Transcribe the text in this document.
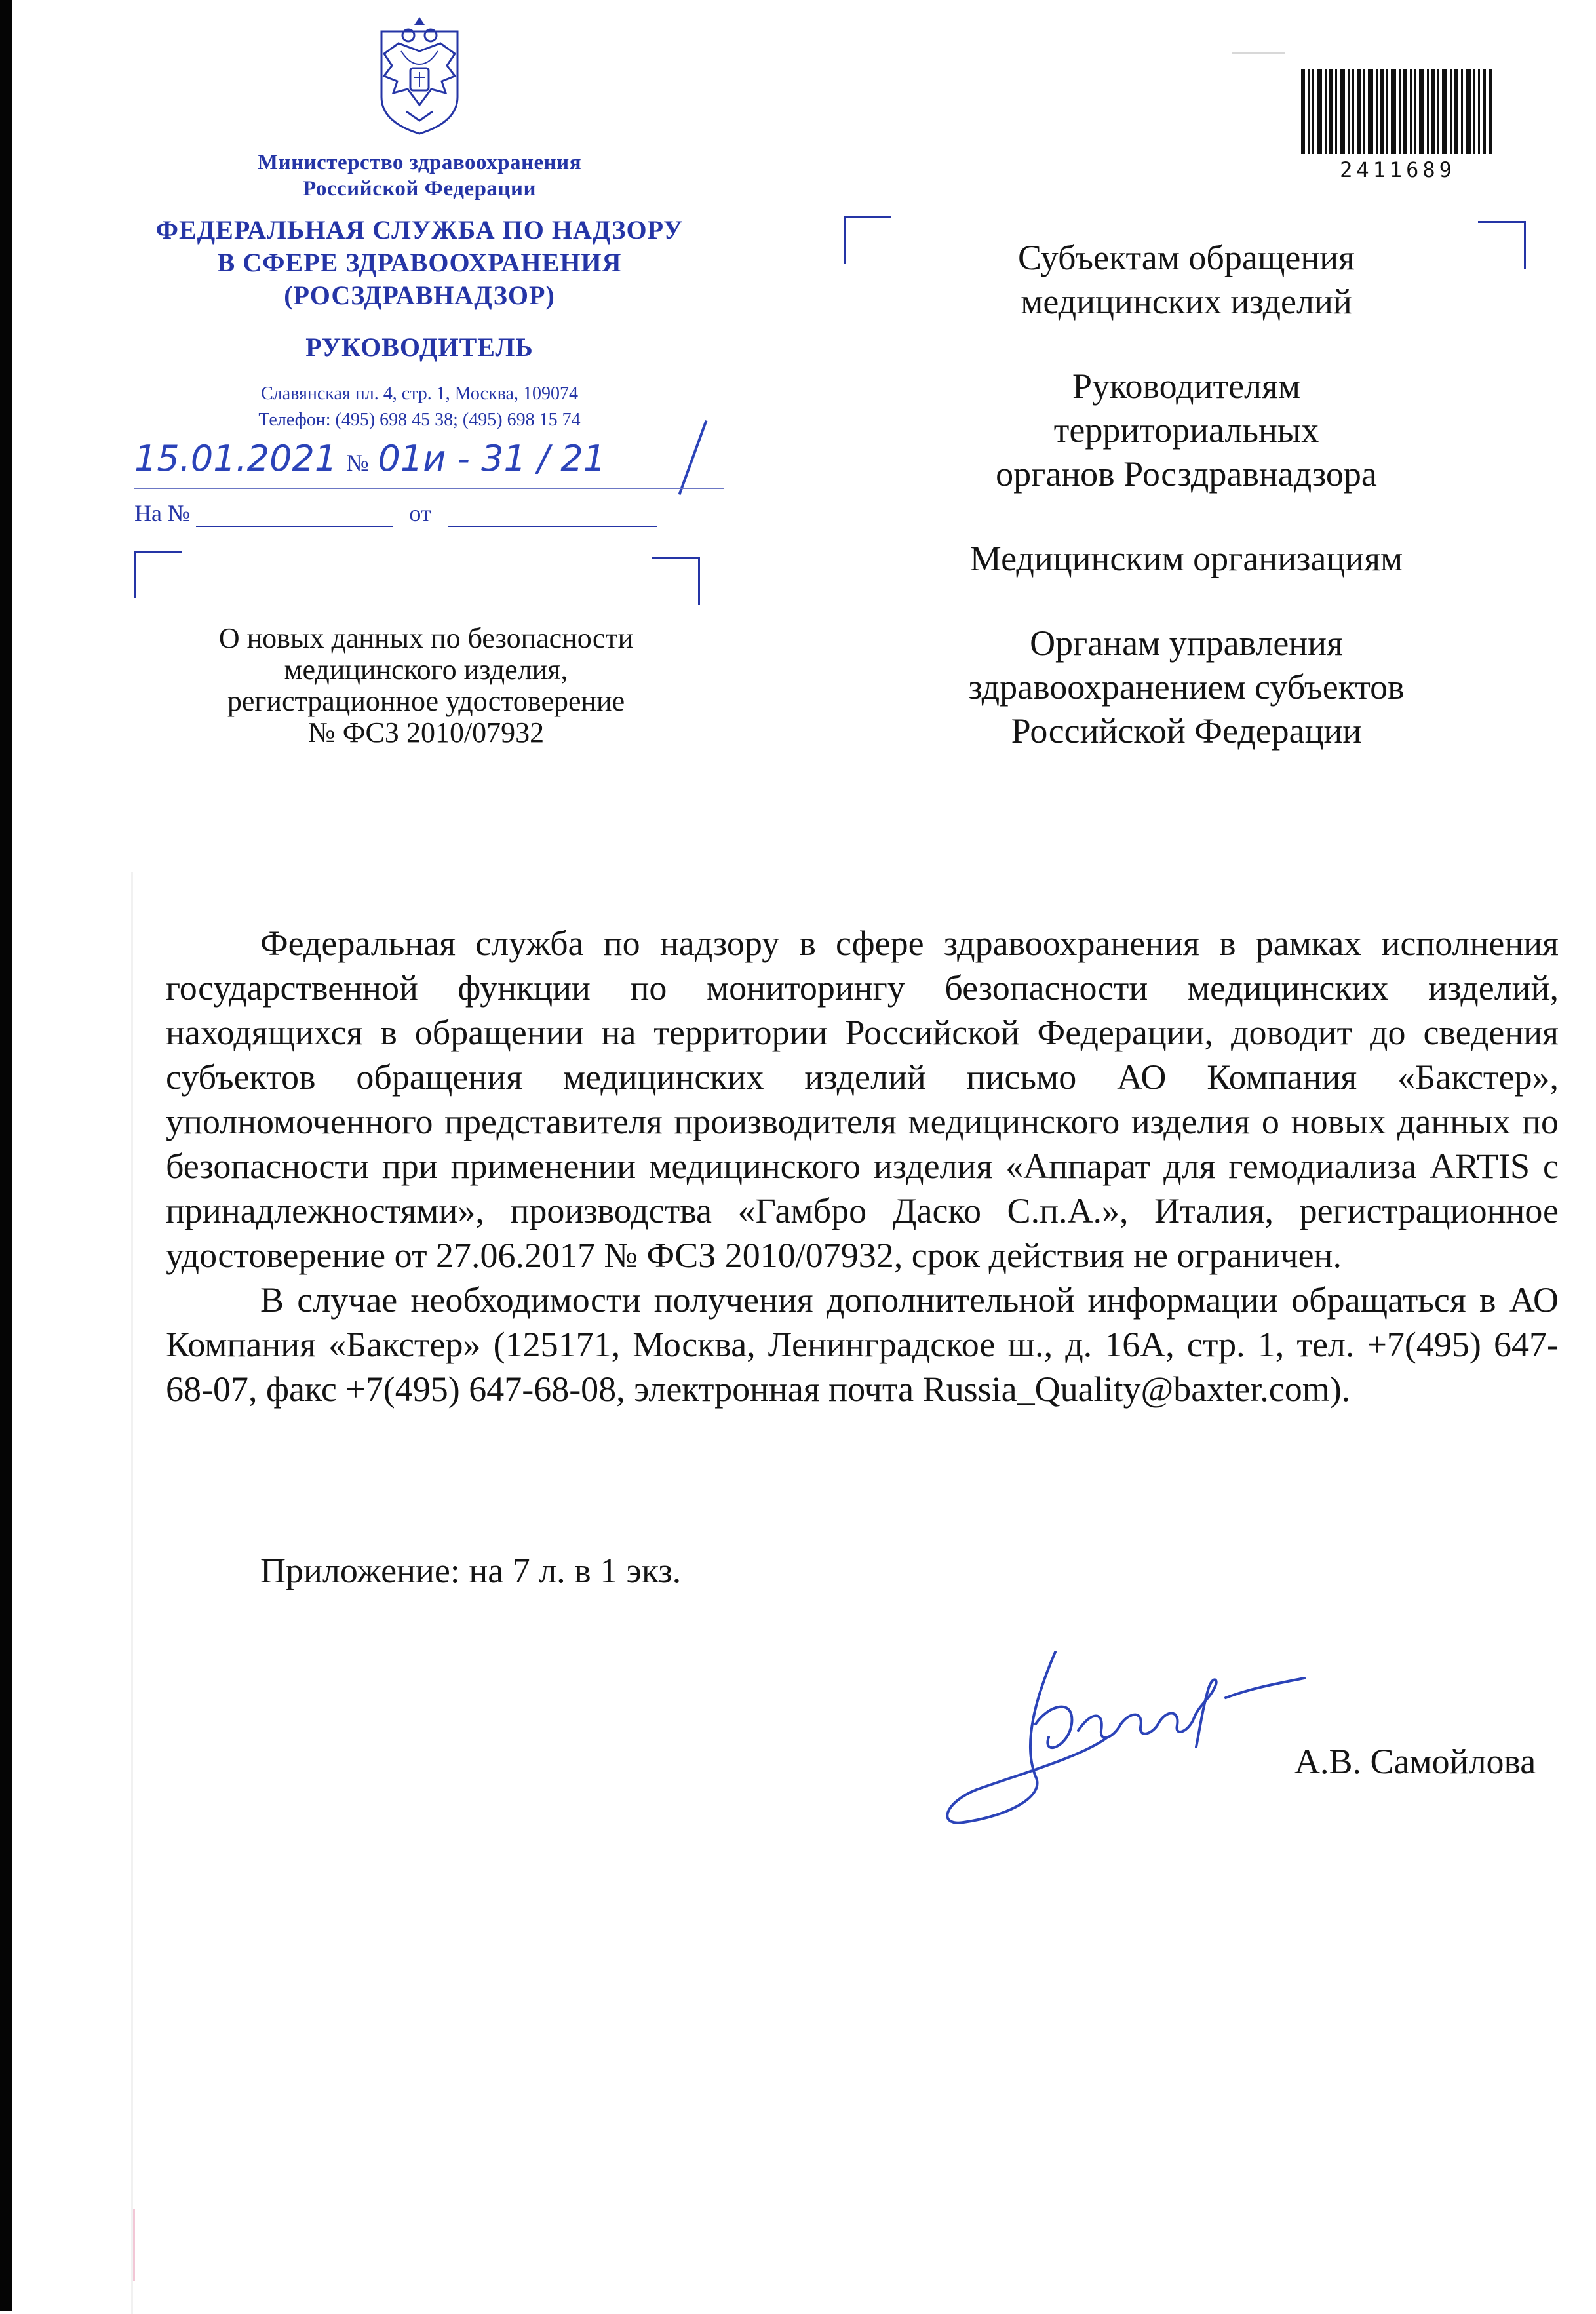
Министерство здравоохранения
Российской Федерации
ФЕДЕРАЛЬНАЯ СЛУЖБА ПО НАДЗОРУ
В СФЕРЕ ЗДРАВООХРАНЕНИЯ
(РОСЗДРАВНАДЗОР)
РУКОВОДИТЕЛЬ
Славянская пл. 4, стр. 1, Москва, 109074
Телефон: (495) 698 45 38; (495) 698 15 74
15.01.2021 № 01и - 31 / 21
На №	от
О новых данных по безопасности
медицинского изделия,
регистрационное удостоверение
№ ФСЗ 2010/07932
2411689
Субъектам обращения
медицинских изделий
Руководителям
территориальных
органов Росздравнадзора
Медицинским организациям
Органам управления
здравоохранением субъектов
Российской Федерации

Федеральная служба по надзору в сфере здравоохранения в рамках исполнения государственной функции по мониторингу безопасности медицинских изделий, находящихся в обращении на территории Российской Федерации, доводит до сведения субъектов обращения медицинских изделий письмо АО Компания «Бакстер», уполномоченного представителя производителя медицинского изделия о новых данных по безопасности при применении медицинского изделия «Аппарат для гемодиализа ARTIS с принадлежностями», производства «Гамбро Даско С.п.А.», Италия, регистрационное удостоверение от 27.06.2017 № ФСЗ 2010/07932, срок действия не ограничен.

В случае необходимости получения дополнительной информации обращаться в АО Компания «Бакстер» (125171, Москва, Ленинградское ш., д. 16А, стр. 1, тел. +7(495) 647-68-07, факс +7(495) 647-68-08, электронная почта Russia_Quality@baxter.com).

Приложение: на 7 л. в 1 экз.
А.В. Самойлова
